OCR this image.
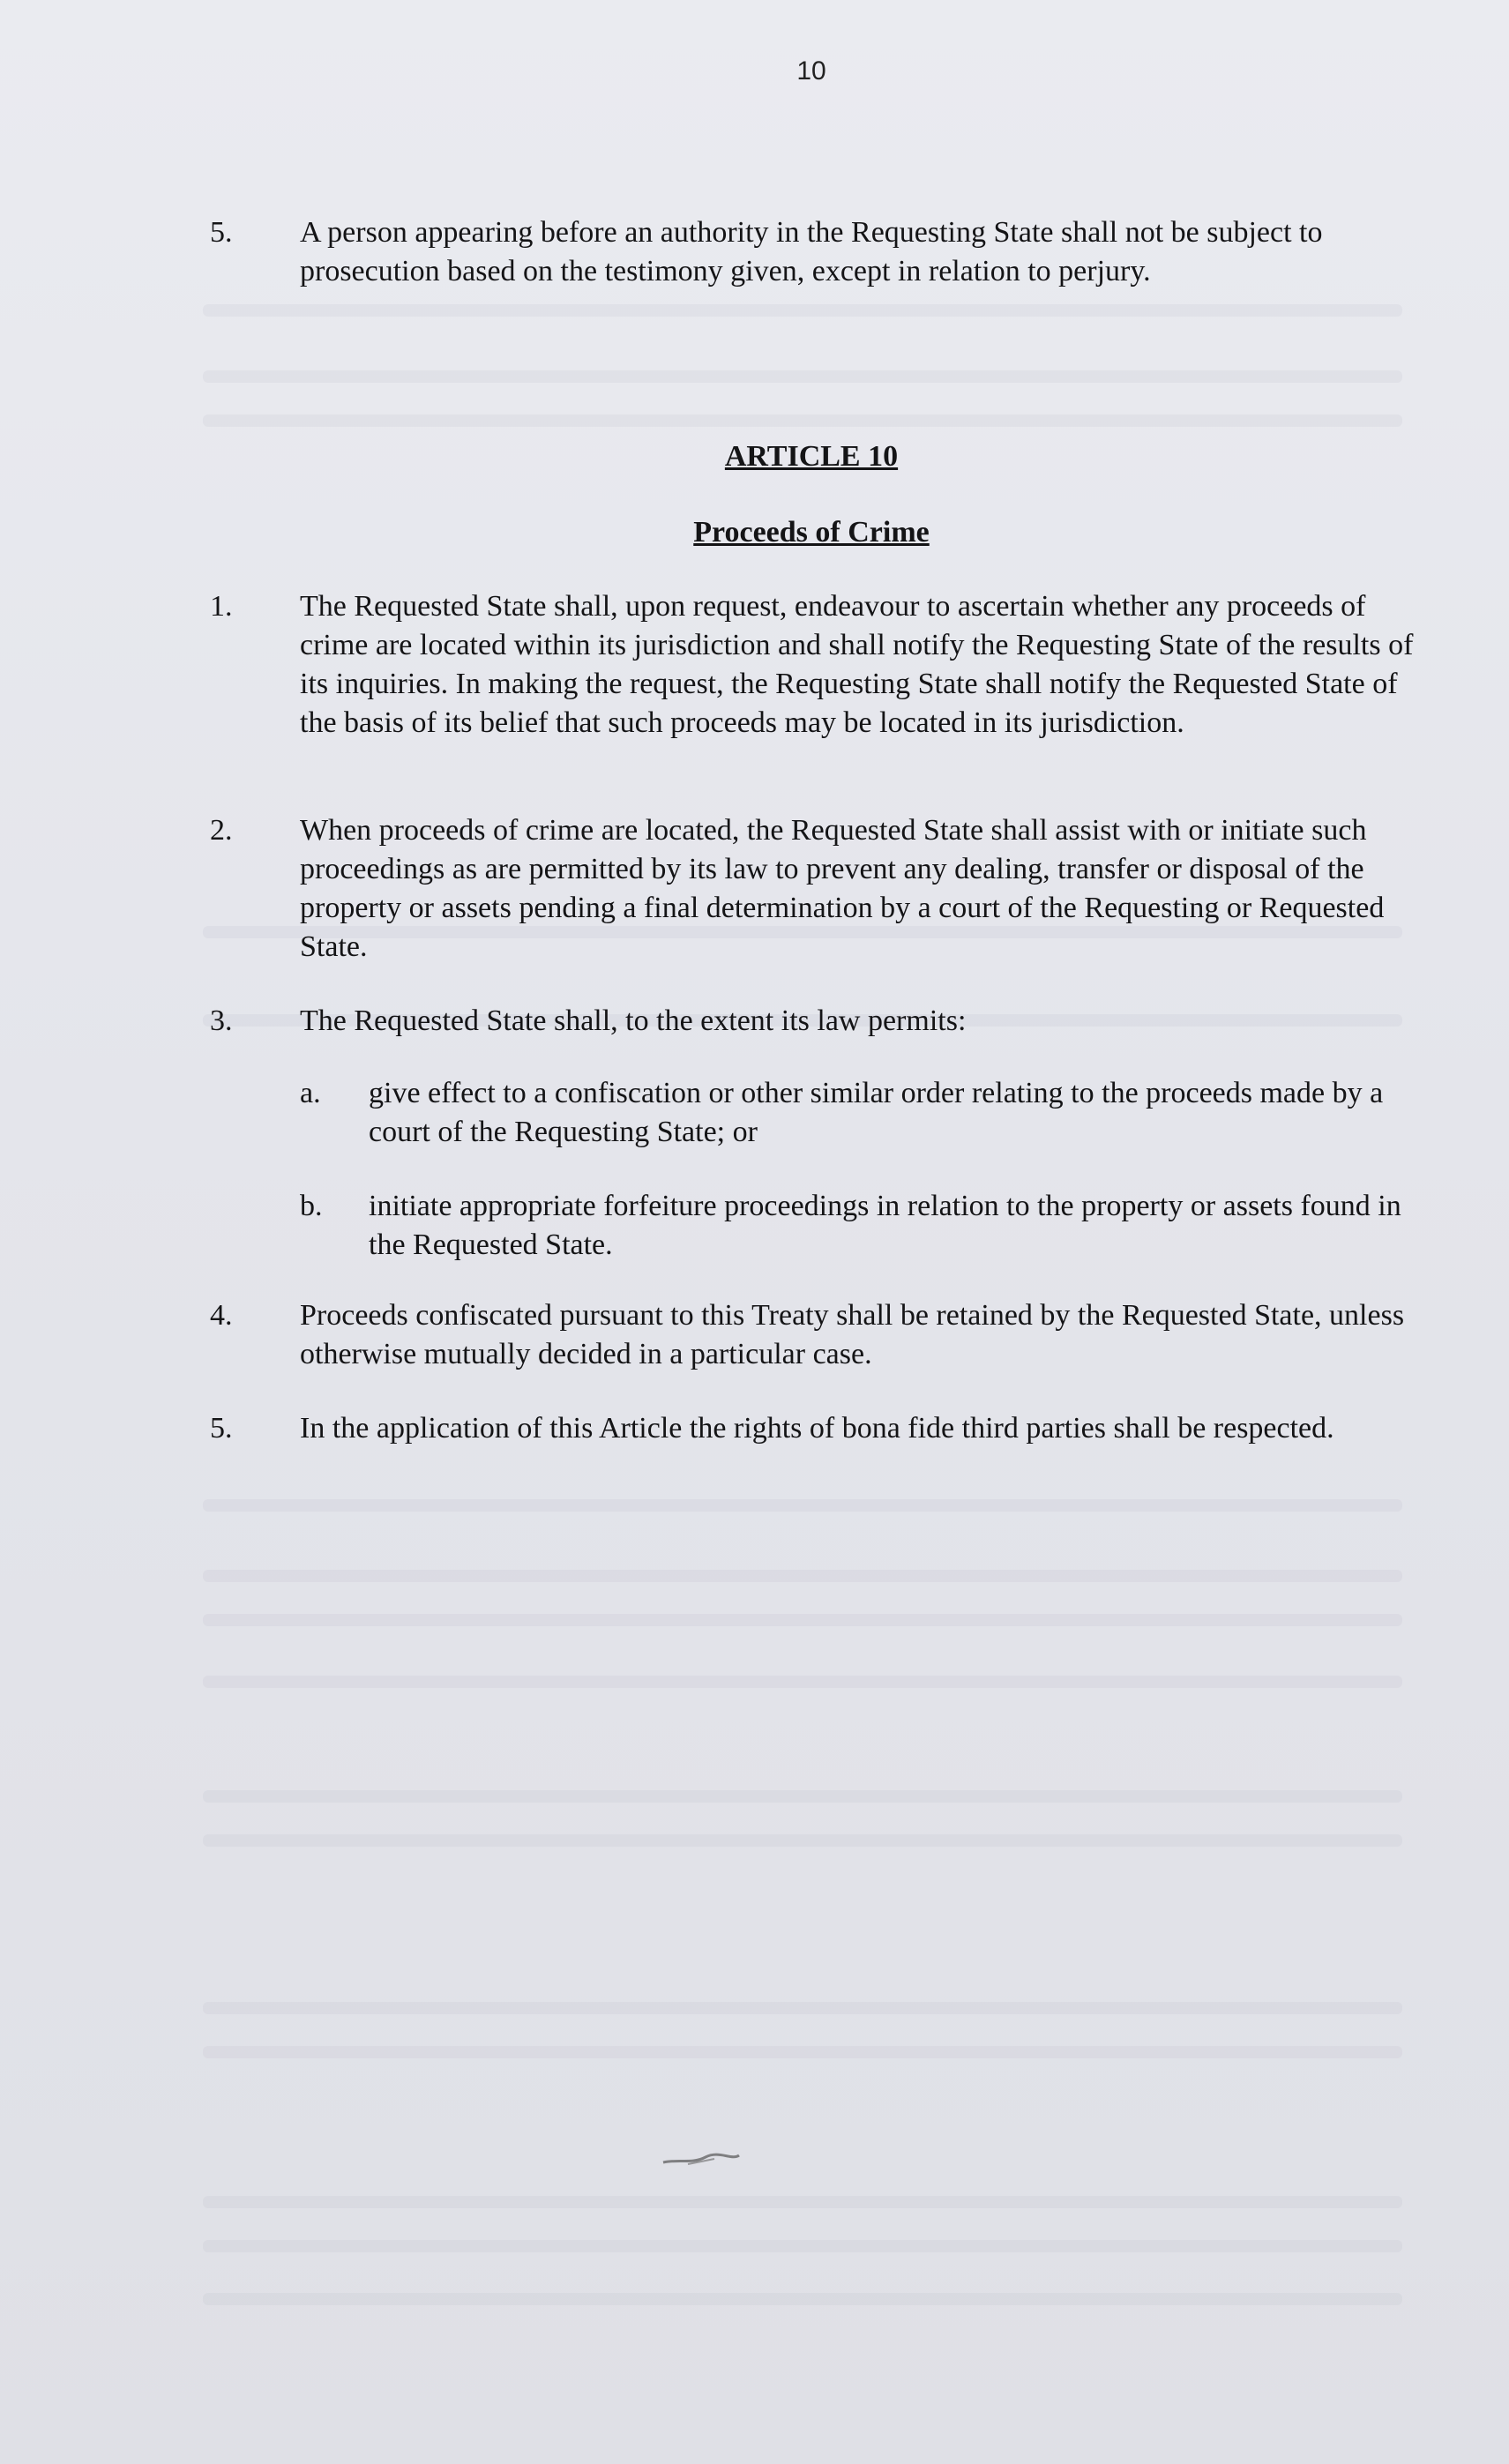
10
5. A person appearing before an authority in the Requesting State shall not be subject to prosecution based on the testimony given, except in relation to perjury.
ARTICLE 10
Proceeds of Crime
1. The Requested State shall, upon request, endeavour to ascertain whether any proceeds of crime are located within its jurisdiction and shall notify the Requesting State of the results of its inquiries. In making the request, the Requesting State shall notify the Requested State of the basis of its belief that such proceeds may be located in its jurisdiction.
2. When proceeds of crime are located, the Requested State shall assist with or initiate such proceedings as are permitted by its law to prevent any dealing, transfer or disposal of the property or assets pending a final determination by a court of the Requesting or Requested State.
3. The Requested State shall, to the extent its law permits:
a. give effect to a confiscation or other similar order relating to the proceeds made by a court of the Requesting State; or
b. initiate appropriate forfeiture proceedings in relation to the property or assets found in the Requested State.
4. Proceeds confiscated pursuant to this Treaty shall be retained by the Requested State, unless otherwise mutually decided in a particular case.
5. In the application of this Article the rights of bona fide third parties shall be respected.
